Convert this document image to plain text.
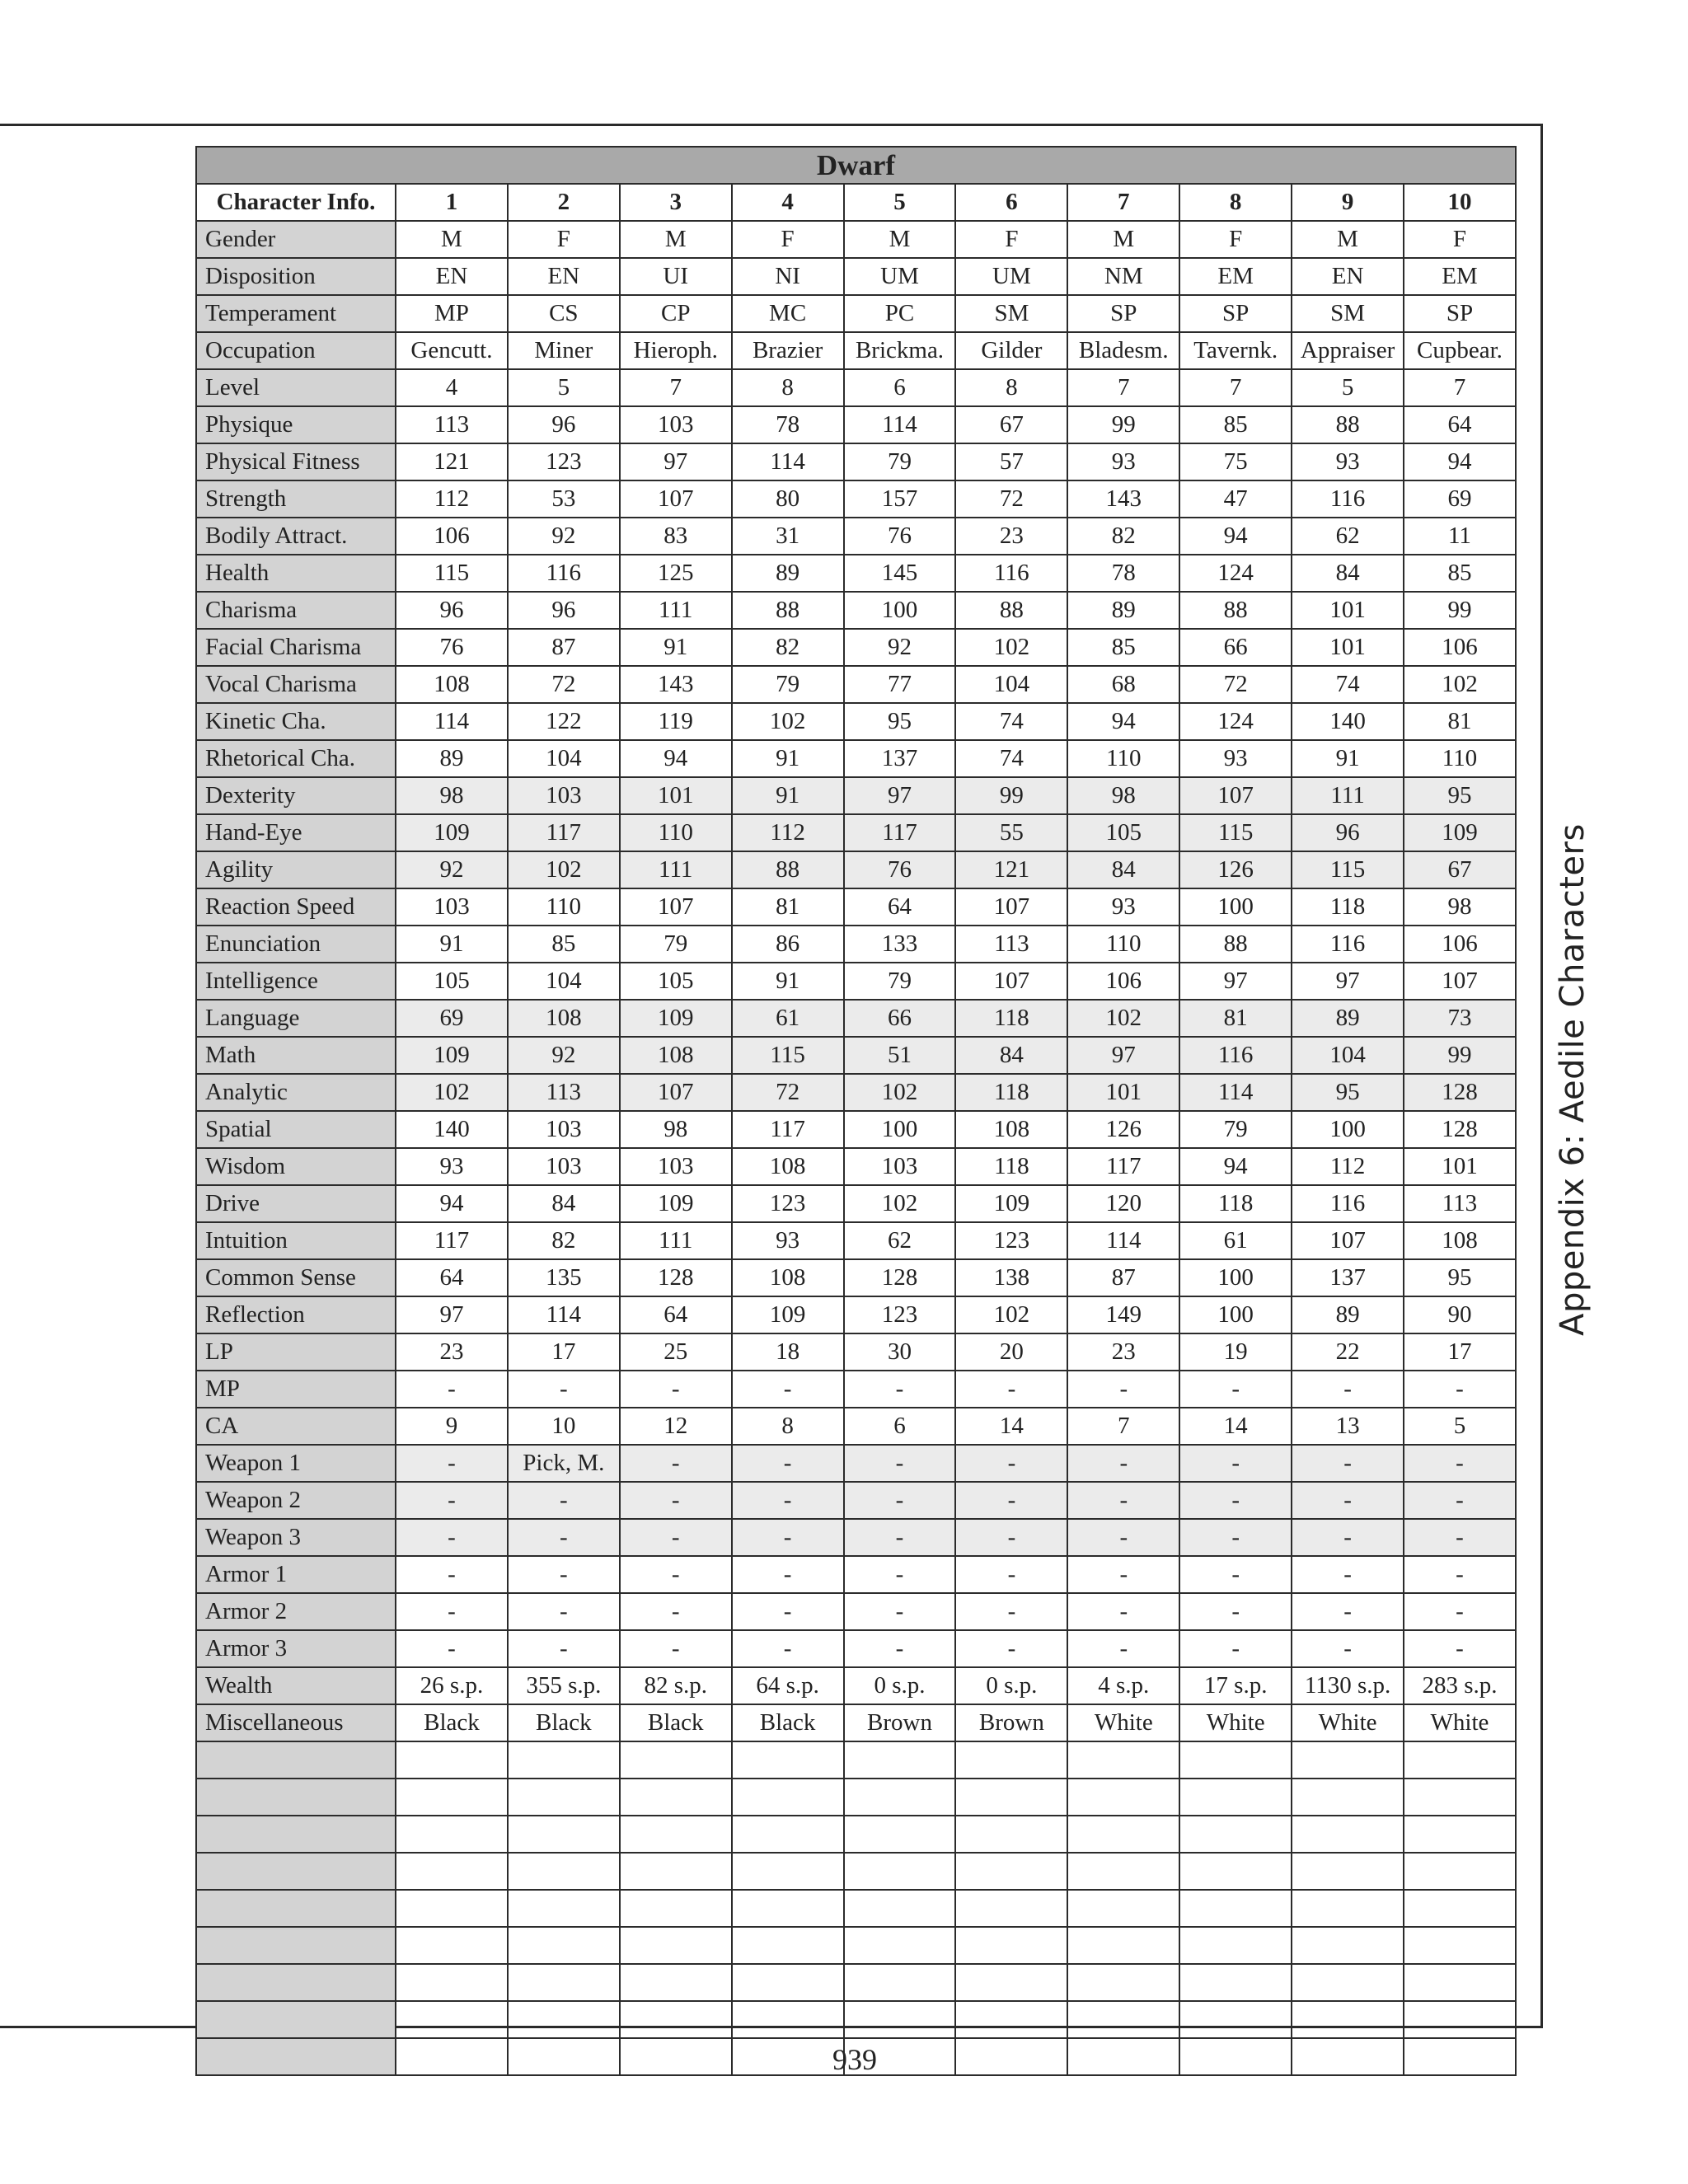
Dwarf										
Character Info.	1	2	3	4	5	6	7	8	9	10
Gender	M	F	M	F	M	F	M	F	M	F
Disposition	EN	EN	UI	NI	UM	UM	NM	EM	EN	EM
Temperament	MP	CS	CP	MC	PC	SM	SP	SP	SM	SP
Occupation	Gencutt.	Miner	Hieroph.	Brazier	Brickma.	Gilder	Bladesm.	Tavernk.	Appraiser	Cupbear.
Level	4	5	7	8	6	8	7	7	5	7
Physique	113	96	103	78	114	67	99	85	88	64
Physical Fitness	121	123	97	114	79	57	93	75	93	94
Strength	112	53	107	80	157	72	143	47	116	69
Bodily Attract.	106	92	83	31	76	23	82	94	62	11
Health	115	116	125	89	145	116	78	124	84	85
Charisma	96	96	111	88	100	88	89	88	101	99
Facial Charisma	76	87	91	82	92	102	85	66	101	106
Vocal Charisma	108	72	143	79	77	104	68	72	74	102
Kinetic Cha.	114	122	119	102	95	74	94	124	140	81
Rhetorical Cha.	89	104	94	91	137	74	110	93	91	110
Dexterity	98	103	101	91	97	99	98	107	111	95
Hand-Eye	109	117	110	112	117	55	105	115	96	109
Agility	92	102	111	88	76	121	84	126	115	67
Reaction Speed	103	110	107	81	64	107	93	100	118	98
Enunciation	91	85	79	86	133	113	110	88	116	106
Intelligence	105	104	105	91	79	107	106	97	97	107
Language	69	108	109	61	66	118	102	81	89	73
Math	109	92	108	115	51	84	97	116	104	99
Analytic	102	113	107	72	102	118	101	114	95	128
Spatial	140	103	98	117	100	108	126	79	100	128
Wisdom	93	103	103	108	103	118	117	94	112	101
Drive	94	84	109	123	102	109	120	118	116	113
Intuition	117	82	111	93	62	123	114	61	107	108
Common Sense	64	135	128	108	128	138	87	100	137	95
Reflection	97	114	64	109	123	102	149	100	89	90
LP	23	17	25	18	30	20	23	19	22	17
MP	-	-	-	-	-	-	-	-	-	-
CA	9	10	12	8	6	14	7	14	13	5
Weapon 1	-	Pick, M.	-	-	-	-	-	-	-	-
Weapon 2	-	-	-	-	-	-	-	-	-	-
Weapon 3	-	-	-	-	-	-	-	-	-	-
Armor 1	-	-	-	-	-	-	-	-	-	-
Armor 2	-	-	-	-	-	-	-	-	-	-
Armor 3	-	-	-	-	-	-	-	-	-	-
Wealth	26 s.p.	355 s.p.	82 s.p.	64 s.p.	0 s.p.	0 s.p.	4 s.p.	17 s.p.	1130 s.p.	283 s.p.
Miscellaneous	Black	Black	Black	Black	Brown	Brown	White	White	White	White

Appendix 6: Aedile Characters
939
